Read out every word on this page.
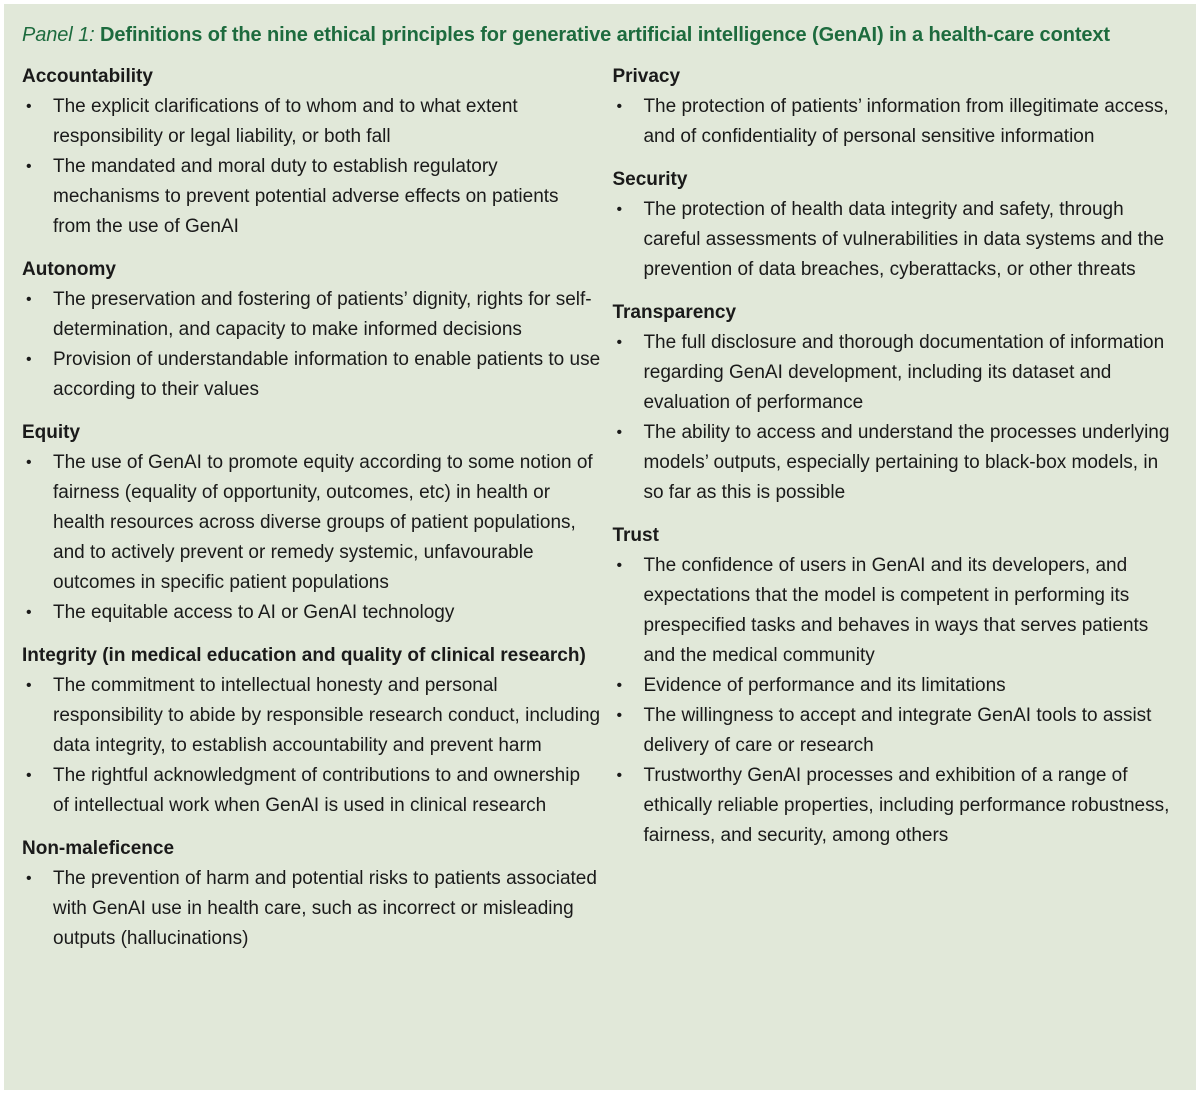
Panel 1: Definitions of the nine ethical principles for generative artificial intelligence (GenAI) in a health-care context
Accountability
• The explicit clarifications of to whom and to what extent responsibility or legal liability, or both fall
• The mandated and moral duty to establish regulatory mechanisms to prevent potential adverse effects on patients from the use of GenAI
Autonomy
• The preservation and fostering of patients’ dignity, rights for self-determination, and capacity to make informed decisions
• Provision of understandable information to enable patients to use according to their values
Equity
• The use of GenAI to promote equity according to some notion of fairness (equality of opportunity, outcomes, etc) in health or health resources across diverse groups of patient populations, and to actively prevent or remedy systemic, unfavourable outcomes in specific patient populations
• The equitable access to AI or GenAI technology
Integrity (in medical education and quality of clinical research)
• The commitment to intellectual honesty and personal responsibility to abide by responsible research conduct, including data integrity, to establish accountability and prevent harm
• The rightful acknowledgment of contributions to and ownership of intellectual work when GenAI is used in clinical research
Non-maleficence
• The prevention of harm and potential risks to patients associated with GenAI use in health care, such as incorrect or misleading outputs (hallucinations)
Privacy
• The protection of patients’ information from illegitimate access, and of confidentiality of personal sensitive information
Security
• The protection of health data integrity and safety, through careful assessments of vulnerabilities in data systems and the prevention of data breaches, cyberattacks, or other threats
Transparency
• The full disclosure and thorough documentation of information regarding GenAI development, including its dataset and evaluation of performance
• The ability to access and understand the processes underlying models’ outputs, especially pertaining to black-box models, in so far as this is possible
Trust
• The confidence of users in GenAI and its developers, and expectations that the model is competent in performing its prespecified tasks and behaves in ways that serves patients and the medical community
• Evidence of performance and its limitations
• The willingness to accept and integrate GenAI tools to assist delivery of care or research
• Trustworthy GenAI processes and exhibition of a range of ethically reliable properties, including performance robustness, fairness, and security, among others
